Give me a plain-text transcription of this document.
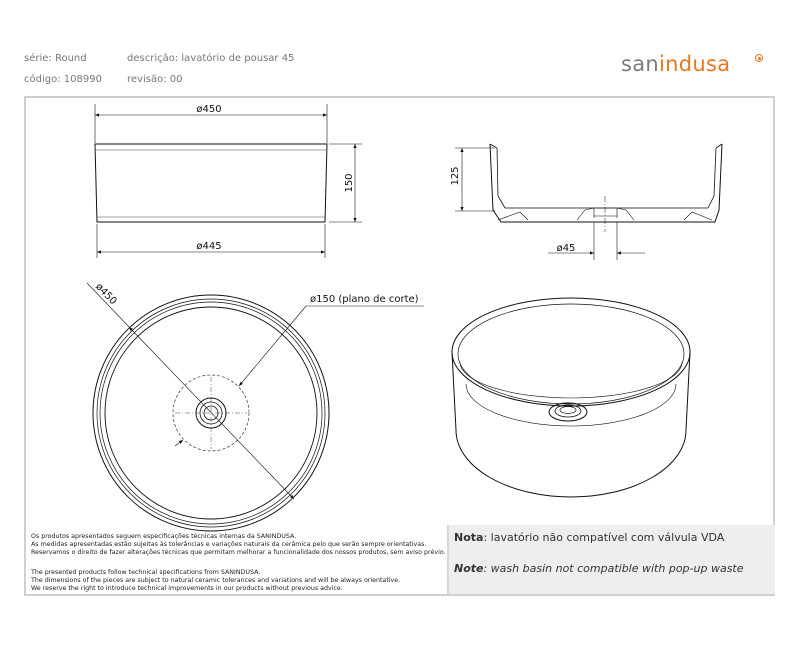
série: Round
código: 108990
descrição: lavatório de pousar 45
revisão: 00
sanindusa
ø450
ø445
150	125
ø45
ø450	ø150 (plano de corte)
Os produtos apresentados seguem especificações técnicas internas da SANINDUSA.
As medidas apresentadas estão sujeitas às tolerâncias e variações naturais da cerâmica pelo que serão sempre orientativas.
Reservamos o direito de fazer alterações técnicas que permitam melhorar a funcionalidade dos nossos produtos, sem aviso prévio.
The presented products follow technical specifications from SANINDUSA.
The dimensions of the pieces are subject to natural ceramic tolerances and variations and will be always orientative.
We reserve the right to introduce technical improvements in our products without previous advice.
Nota: lavatório não compatível com válvula VDA
Note: wash basin not compatible with pop-up waste
